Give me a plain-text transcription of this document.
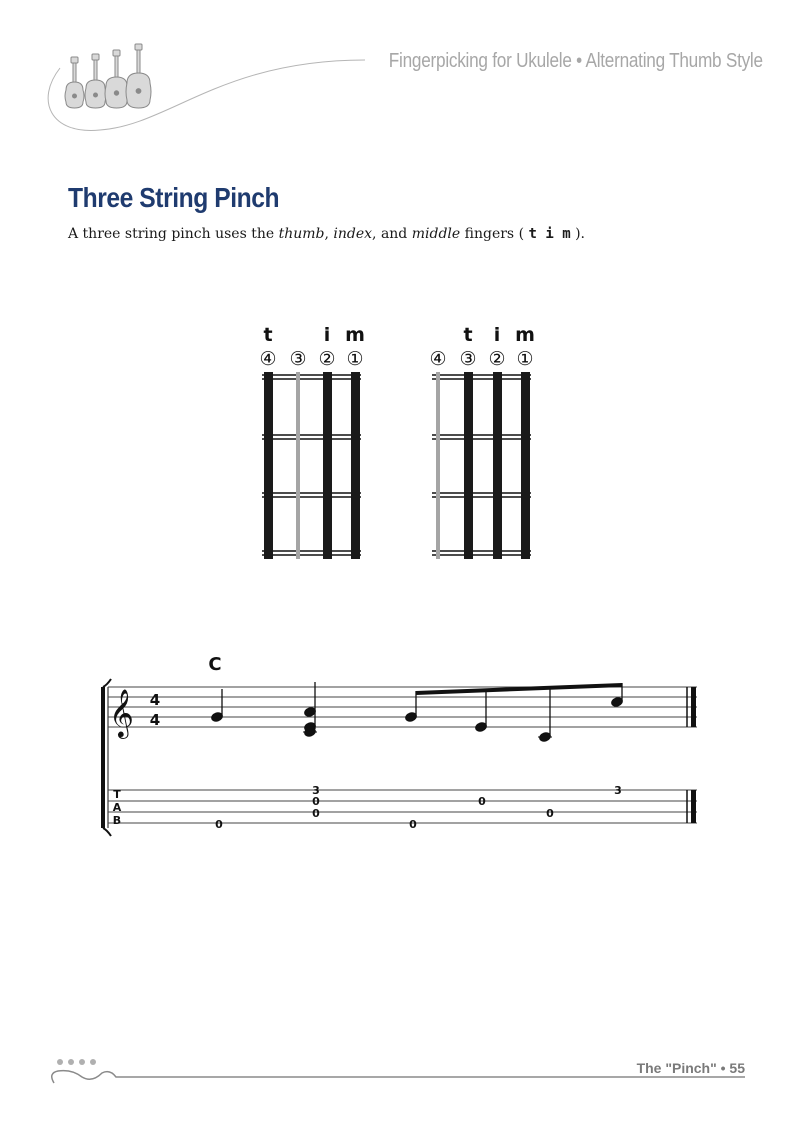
Fingerpicking for Ukulele • Alternating Thumb Style
Three String Pinch
A three string pinch uses the thumb, index, and middle fingers ( t i m ).
t	i m
④ ③ ② ①
t i m
④ ③ ② ①
C
𝄞 4
4
T
A
B	0
3
0
0
0
0
0
3
The "Pinch" • 55
